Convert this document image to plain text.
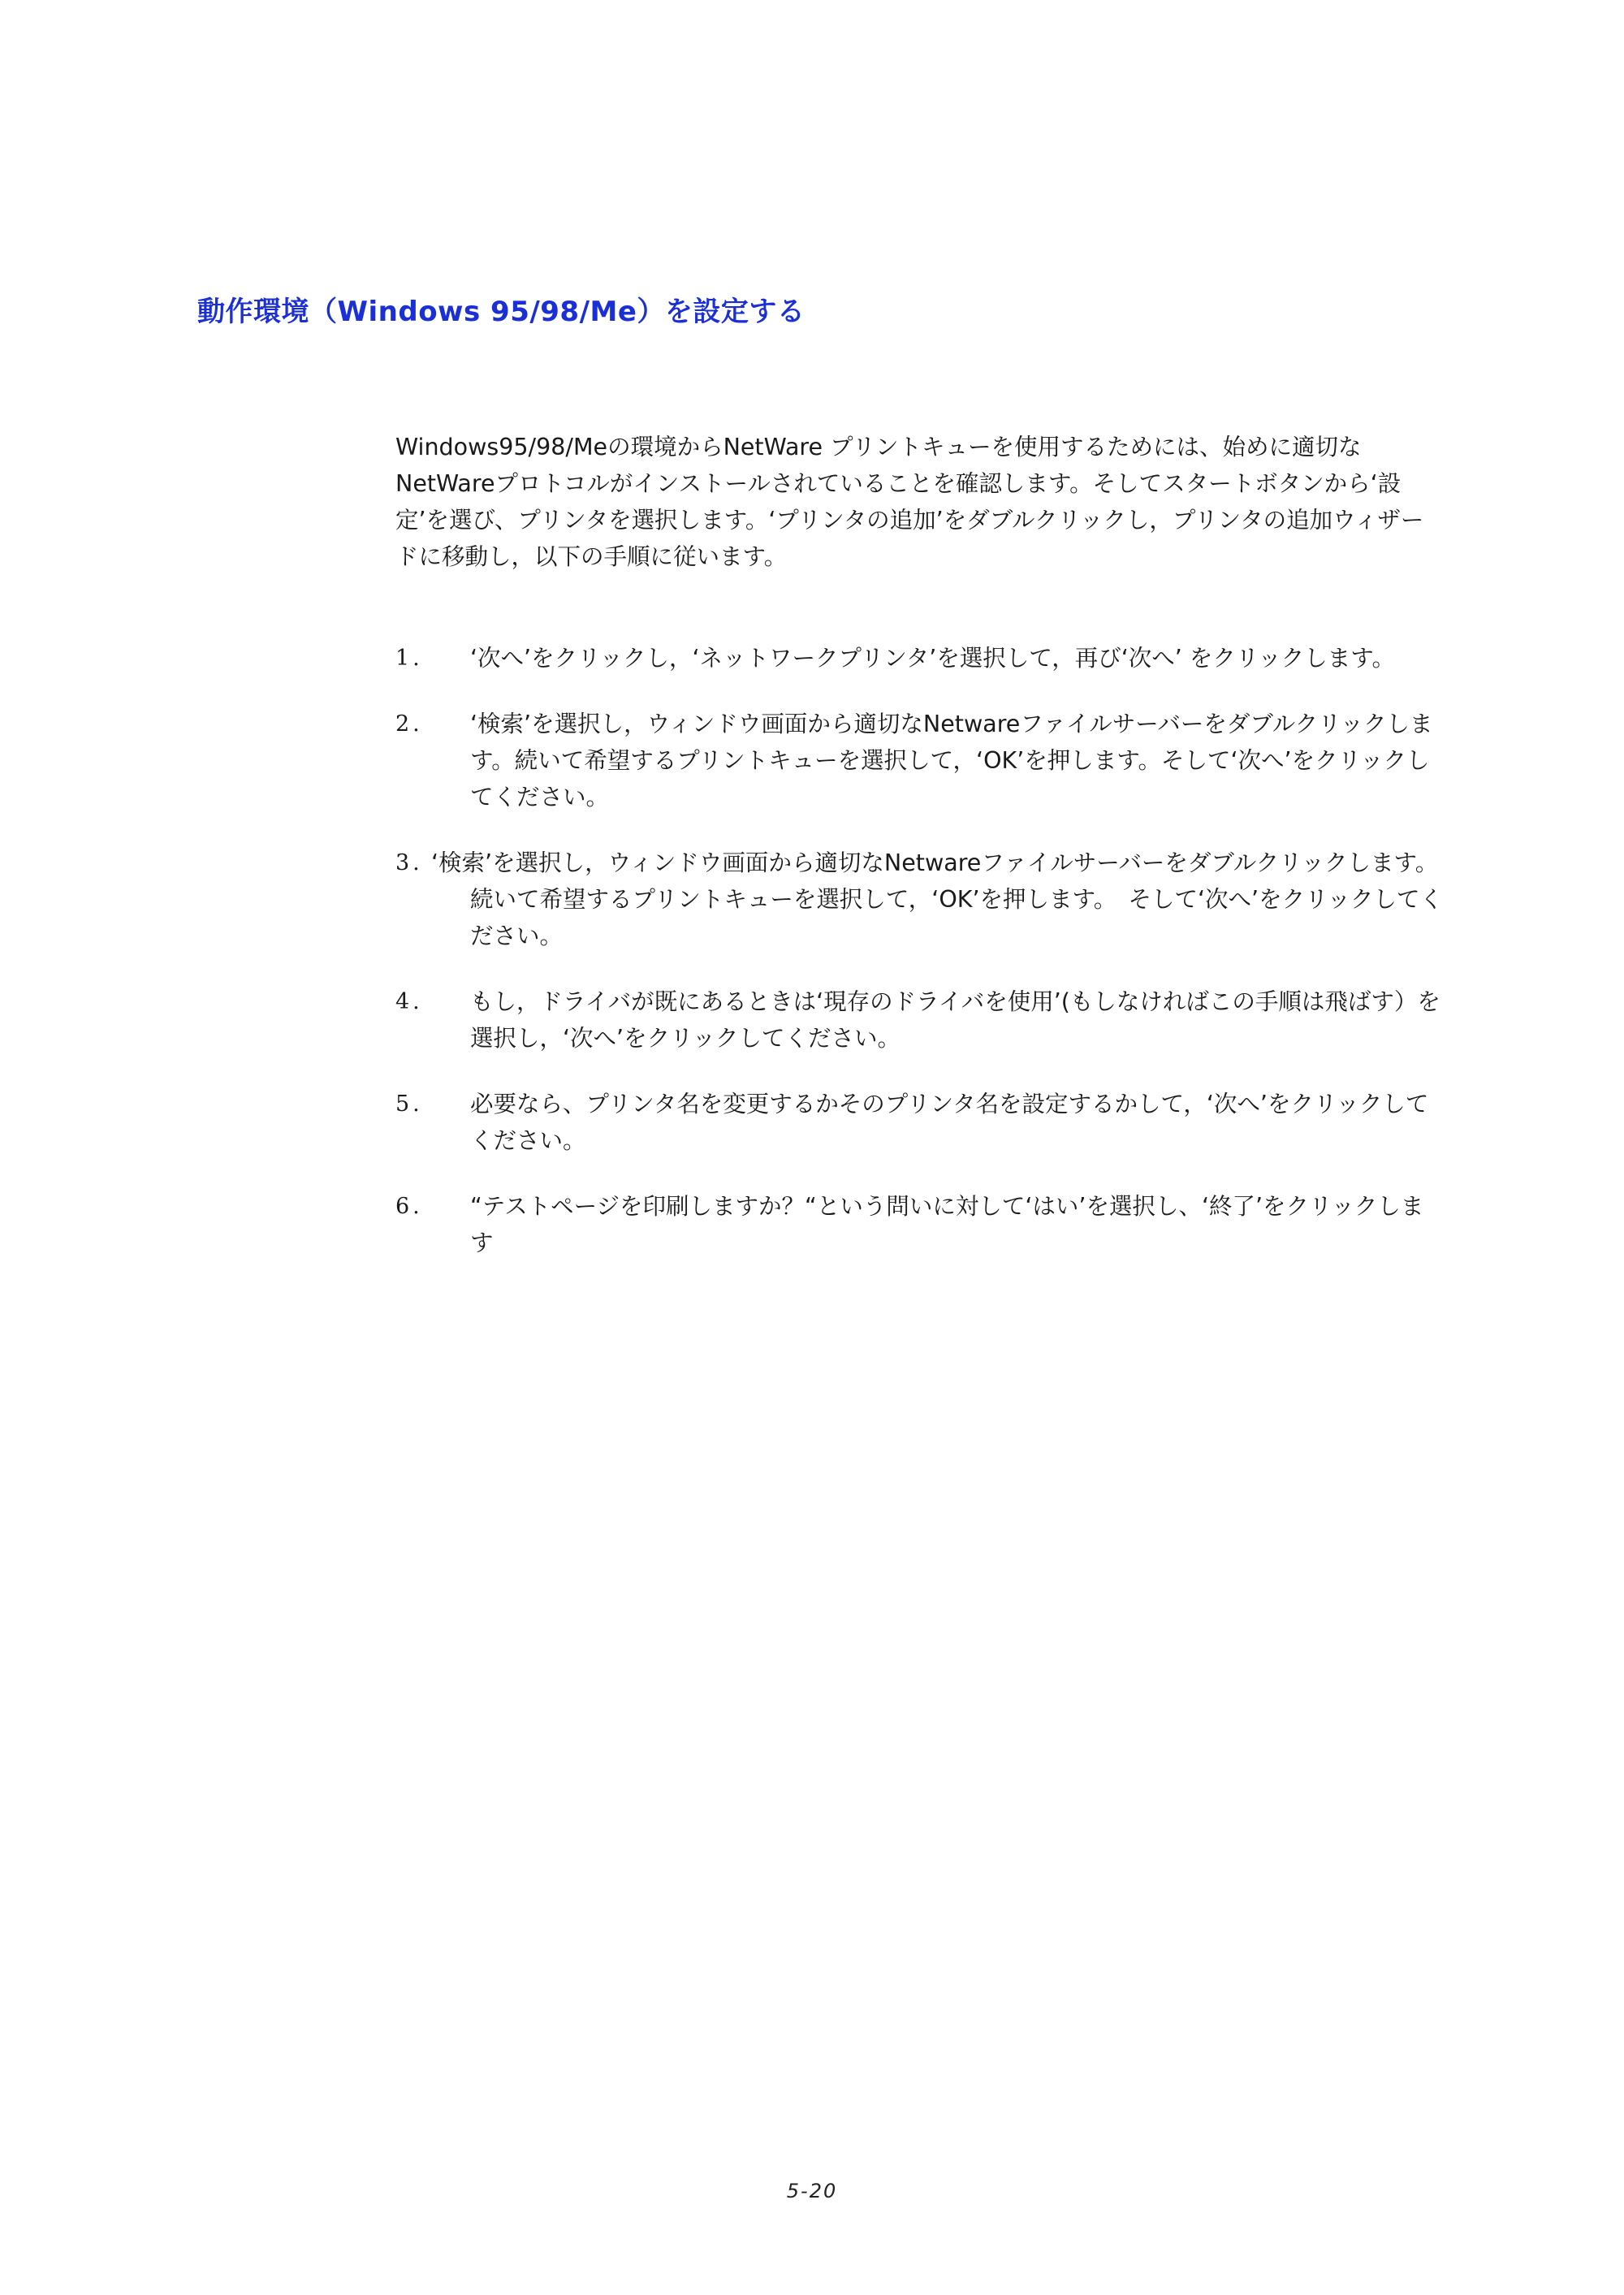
動作環境（Windows 95/98/Me）を設定する

Windows95/98/Meの環境からNetWare プリントキューを使用するためには、始めに適切なNetWareプロトコルがインストールされていることを確認します。そしてスタートボタンから‘設定’を選び、プリンタを選択します。‘プリンタの追加’をダブルクリックし，プリンタの追加ウィザードに移動し，以下の手順に従います。

1.	‘次へ’をクリックし，‘ネットワークプリンタ’を選択して，再び‘次へ’ をクリックします。
2.	‘検索’を選択し，ウィンドウ画面から適切なNetwareファイルサーバーをダブルクリックします。続いて希望するプリントキューを選択して，‘OK’を押します。そして‘次へ’をクリックしてください。
3. ‘検索’を選択し，ウィンドウ画面から適切なNetwareファイルサーバーをダブルクリックします。続いて希望するプリントキューを選択して，‘OK’を押します。　そして‘次へ’をクリックしてください。
4.	もし，ドライバが既にあるときは‘現存のドライバを使用’(もしなければこの手順は飛ばす）を選択し，‘次へ’をクリックしてください。
5.	必要なら、プリンタ名を変更するかそのプリンタ名を設定するかして，‘次へ’をクリックしてください。
6.	“テストページを印刷しますか？“という問いに対して‘はい’を選択し、‘終了’をクリックします
5-20
